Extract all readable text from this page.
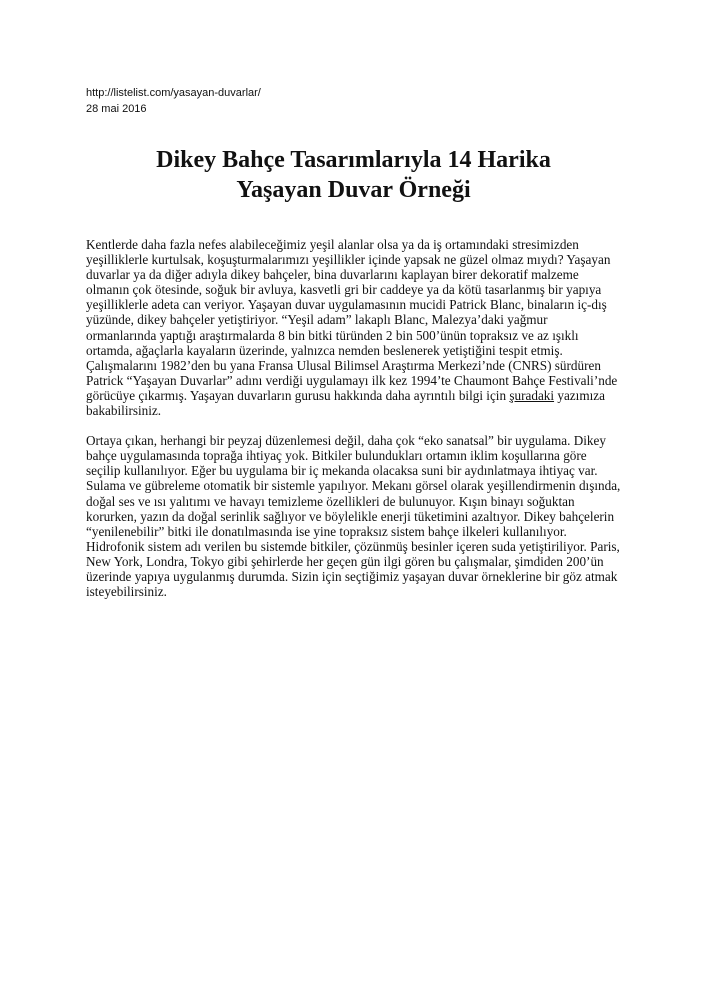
http://listelist.com/yasayan-duvarlar/
28 mai 2016
Dikey Bahçe Tasarımlarıyla 14 Harika
Yaşayan Duvar Örneği

Kentlerde daha fazla nefes alabileceğimiz yeşil alanlar olsa ya da iş ortamındaki stresimizden yeşilliklerle kurtulsak, koşuşturmalarımızı yeşillikler içinde yapsak ne güzel olmaz mıydı? Yaşayan duvarlar ya da diğer adıyla dikey bahçeler, bina duvarlarını kaplayan birer dekoratif malzeme olmanın çok ötesinde, soğuk bir avluya, kasvetli gri bir caddeye ya da kötü tasarlanmış bir yapıya yeşilliklerle adeta can veriyor. Yaşayan duvar uygulamasının mucidi Patrick Blanc, binaların iç-dış yüzünde, dikey bahçeler yetiştiriyor. “Yeşil adam” lakaplı Blanc, Malezya’daki yağmur ormanlarında yaptığı araştırmalarda 8 bin bitki türünden 2 bin 500’ünün topraksız ve az ışıklı ortamda, ağaçlarla kayaların üzerinde, yalnızca nemden beslenerek yetiştiğini tespit etmiş. Çalışmalarını 1982’den bu yana Fransa Ulusal Bilimsel Araştırma Merkezi’nde (CNRS) sürdüren Patrick “Yaşayan Duvarlar” adını verdiği uygulamayı ilk kez 1994’te Chaumont Bahçe Festivali’nde görücüye çıkarmış. Yaşayan duvarların gurusu hakkında daha ayrıntılı bilgi için şuradaki yazımıza bakabilirsiniz.

Ortaya çıkan, herhangi bir peyzaj düzenlemesi değil, daha çok “eko sanatsal” bir uygulama. Dikey bahçe uygulamasında toprağa ihtiyaç yok. Bitkiler bulundukları ortamın iklim koşullarına göre seçilip kullanılıyor. Eğer bu uygulama bir iç mekanda olacaksa suni bir aydınlatmaya ihtiyaç var. Sulama ve gübreleme otomatik bir sistemle yapılıyor. Mekanı görsel olarak yeşillendirmenin dışında, doğal ses ve ısı yalıtımı ve havayı temizleme özellikleri de bulunuyor. Kışın binayı soğuktan korurken, yazın da doğal serinlik sağlıyor ve böylelikle enerji tüketimini azaltıyor. Dikey bahçelerin “yenilenebilir” bitki ile donatılmasında ise yine topraksız sistem bahçe ilkeleri kullanılıyor. Hidrofonik sistem adı verilen bu sistemde bitkiler, çözünmüş besinler içeren suda yetiştiriliyor. Paris, New York, Londra, Tokyo gibi şehirlerde her geçen gün ilgi gören bu çalışmalar, şimdiden 200’ün üzerinde yapıya uygulanmış durumda. Sizin için seçtiğimiz yaşayan duvar örneklerine bir göz atmak isteyebilirsiniz.
